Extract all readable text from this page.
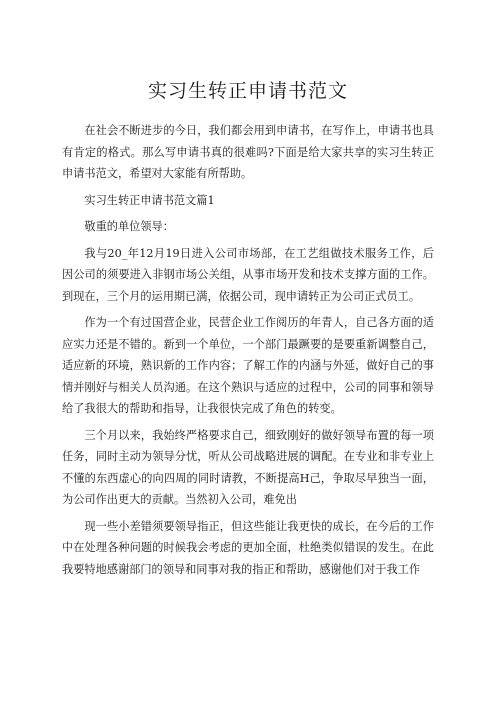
实习生转正申请书范文

在社会不断进步的今日，我们都会用到申请书，在写作上，申请书也具有肯定的格式。那么写申请书真的很难吗?下面是给大家共享的实习生转正申请书范文，希望对大家能有所帮助。

实习生转正申请书范文篇1

敬重的单位领导：

我与20_年12月19日进入公司市场部，在工艺组做技术服务工作，后因公司的须要进入非钢市场公关组，从事市场开发和技术支撑方面的工作。到现在，三个月的运用期已满，依据公司，现申请转正为公司正式员工。

作为一个有过国营企业，民营企业工作阅历的年青人，自己各方面的适应实力还是不错的。新到一个单位，一个部门最蹶要的是要重新调整自己，适应新的环境，熟识新的工作内容；了解工作的内涵与外延，做好自己的事情并刚好与相关人员沟通。在这个熟识与适应的过程中，公司的同事和领导给了我很大的帮助和指导，让我很快完成了角色的转变。

三个月以来，我始终严格要求自己，细致刚好的做好领导布置的每一项任务，同时主动为领导分忧，听从公司战略进展的调配。在专业和非专业上不懂的东西虚心的向四周的同时请教，不断提高H己，争取尽早独当一面，为公司作出更大的贡献。当然初入公司，难免出

现一些小差错须要领导指正，但这些能让我更快的成长，在今后的工作中在处理各种问题的时候我会考虑的更加全面，杜绝类似错误的发生。在此我要特地感谢部门的领导和同事对我的指正和帮助，感谢他们对于我工作
